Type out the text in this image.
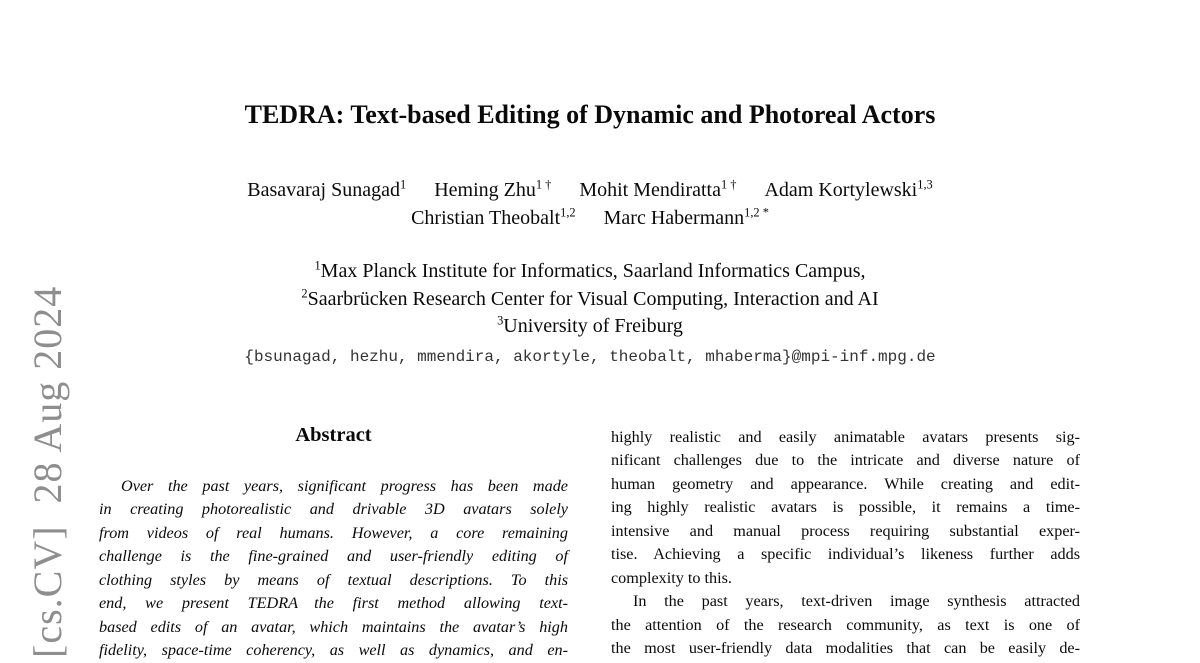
[cs.CV]  28 Aug 2024
TEDRA: Text-based Editing of Dynamic and Photoreal Actors
Basavaraj Sunagad$^1$ Heming Zhu$^{1 \dagger}$ Mohit Mendiratta$^{1 \dagger}$ Adam Kortylewski$^{1,3}$
Christian Theobalt$^{1,2}$ Marc Habermann$^{1,2 *}$
$^1$Max Planck Institute for Informatics, Saarland Informatics Campus,
$^2$Saarbrücken Research Center for Visual Computing, Interaction and AI
$^3$University of Freiburg
{bsunagad, hezhu, mmendira, akortyle, theobalt, mhaberma}@mpi-inf.mpg.de
Abstract
Over the past years, significant progress has been made
in creating photorealistic and drivable 3D avatars solely
from videos of real humans. However, a core remaining
challenge is the fine-grained and user-friendly editing of
clothing styles by means of textual descriptions. To this
end, we present TEDRA the first method allowing text-
based edits of an avatar, which maintains the avatar’s high
fidelity, space-time coherency, as well as dynamics, and en-
highly realistic and easily animatable avatars presents sig-
nificant challenges due to the intricate and diverse nature of
human geometry and appearance. While creating and edit-
ing highly realistic avatars is possible, it remains a time-
intensive and manual process requiring substantial exper-
tise. Achieving a specific individual’s likeness further adds
complexity to this.
In the past years, text-driven image synthesis attracted
the attention of the research community, as text is one of
the most user-friendly data modalities that can be easily de-
